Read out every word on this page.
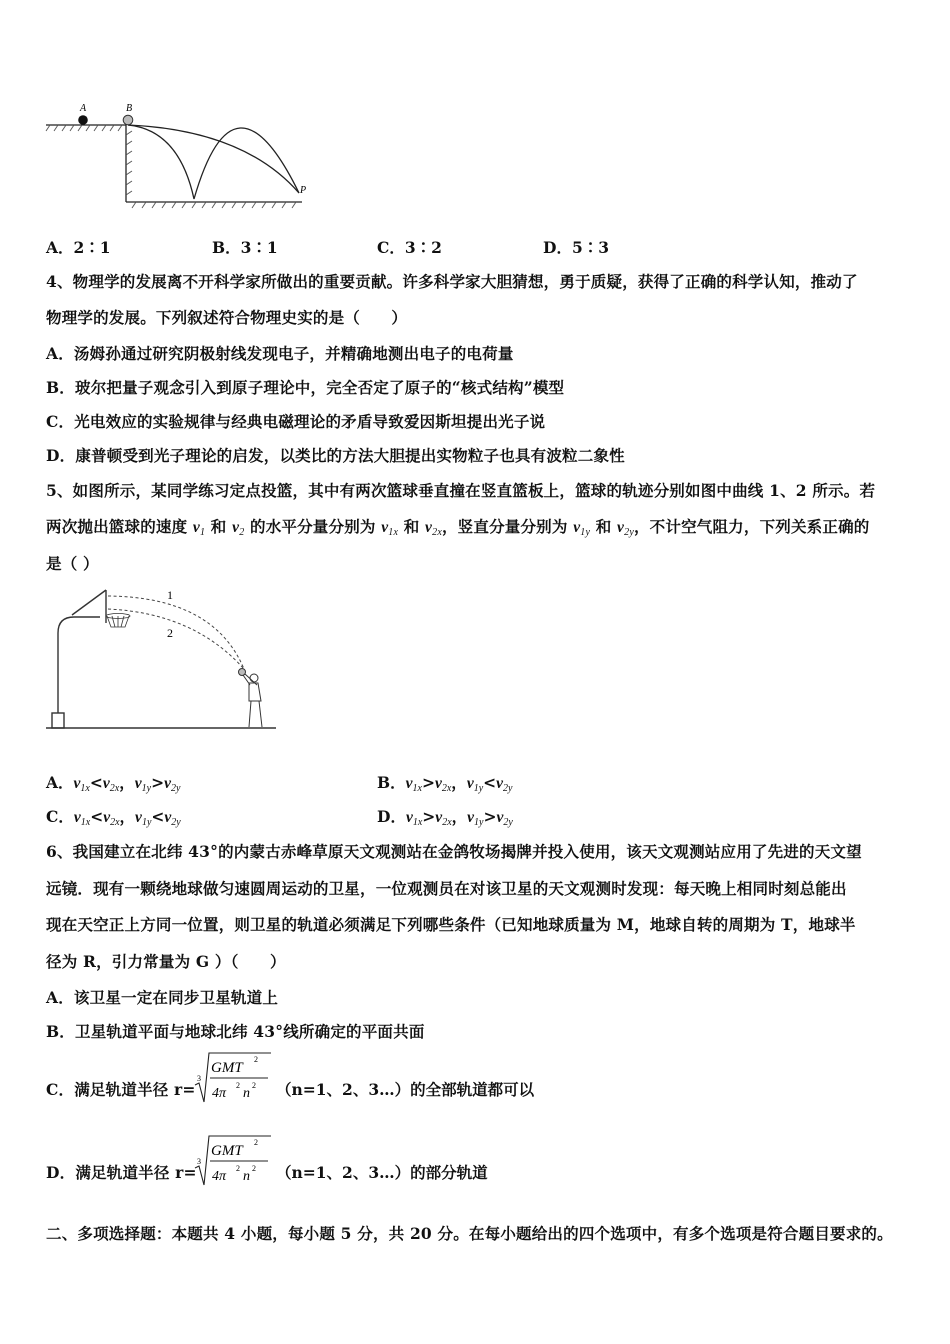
A	B
P
A．2∶1	B．3∶1	C．3∶2	D．5∶3
4、物理学的发展离不开科学家所做出的重要贡献。许多科学家大胆猜想，勇于质疑，获得了正确的科学认知，推动了
物理学的发展。下列叙述符合物理史实的是（　　）
A．汤姆孙通过研究阴极射线发现电子，并精确地测出电子的电荷量
B．玻尔把量子观念引入到原子理论中，完全否定了原子的“核式结构”模型
C．光电效应的实验规律与经典电磁理论的矛盾导致爱因斯坦提出光子说
D．康普顿受到光子理论的启发，以类比的方法大胆提出实物粒子也具有波粒二象性
5、如图所示，某同学练习定点投篮，其中有两次篮球垂直撞在竖直篮板上，篮球的轨迹分别如图中曲线 1、2 所示。若
两次抛出篮球的速度 $v_1$ 和 $v_2$ 的水平分量分别为 $v_{1x}$ 和 $v_{2x}$，竖直分量分别为 $v_{1y}$ 和 $v_{2y}$，不计空气阻力，下列关系正确的
是（ ）
1
2
A．$v_{1x}<v_{2x}$，$v_{1y}>v_{2y}$	B．$v_{1x}>v_{2x}$，$v_{1y}<v_{2y}$
C．$v_{1x}<v_{2x}$，$v_{1y}<v_{2y}$	D．$v_{1x}>v_{2x}$，$v_{1y}>v_{2y}$
6、我国建立在北纬 43°的内蒙古赤峰草原天文观测站在金鸽牧场揭牌并投入使用，该天文观测站应用了先进的天文望
远镜．现有一颗绕地球做匀速圆周运动的卫星，一位观测员在对该卫星的天文观测时发现：每天晚上相同时刻总能出
现在天空正上方同一位置，则卫星的轨道必须满足下列哪些条件（已知地球质量为 M，地球自转的周期为 T，地球半
径为 R，引力常量为 G ）（　　）
A．该卫星一定在同步卫星轨道上
B．卫星轨道平面与地球北纬 43°线所确定的平面共面
C．满足轨道半径 r=
3
GMT
2
4π
2
n
2 （n=1、2、3…）的全部轨道都可以
D．满足轨道半径 r=
3
GMT
2
4π
2
n
2 （n=1、2、3…）的部分轨道
二、多项选择题：本题共 4 小题，每小题 5 分，共 20 分。在每小题给出的四个选项中，有多个选项是符合题目要求的。
